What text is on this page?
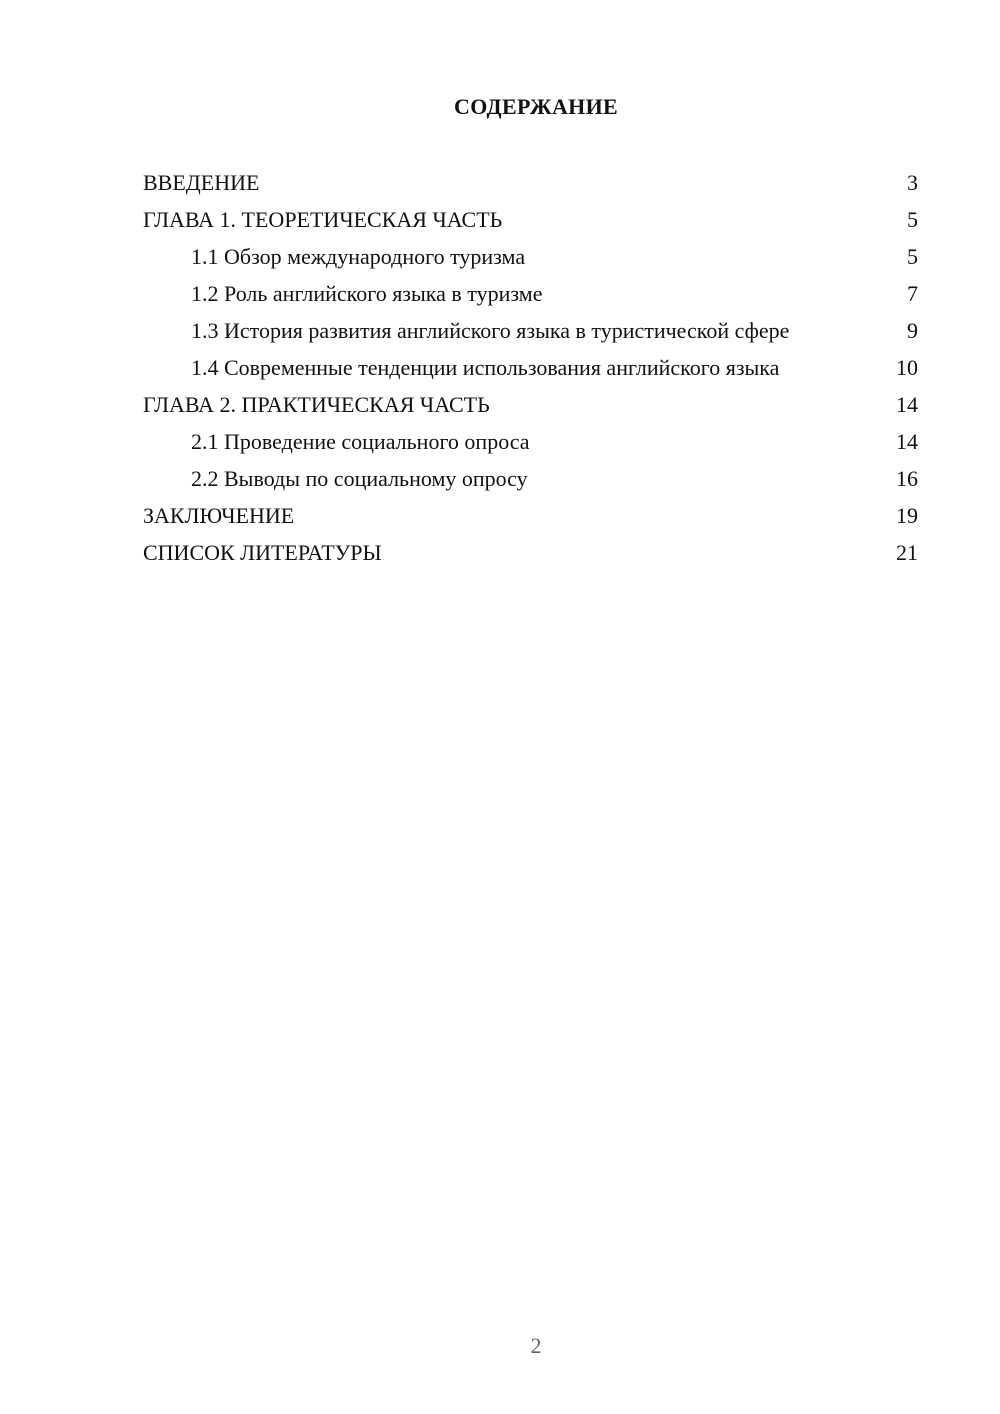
СОДЕРЖАНИЕ
ВВЕДЕНИЕ	3
ГЛАВА 1. ТЕОРЕТИЧЕСКАЯ ЧАСТЬ	5
1.1 Обзор международного туризма	5
1.2 Роль английского языка в туризме	7
1.3 История развития английского языка в туристической сфере	9
1.4 Современные тенденции использования английского языка	10
ГЛАВА 2. ПРАКТИЧЕСКАЯ ЧАСТЬ	14
2.1 Проведение социального опроса	14
2.2 Выводы по социальному опросу	16
ЗАКЛЮЧЕНИЕ	19
СПИСОК ЛИТЕРАТУРЫ	21
2
